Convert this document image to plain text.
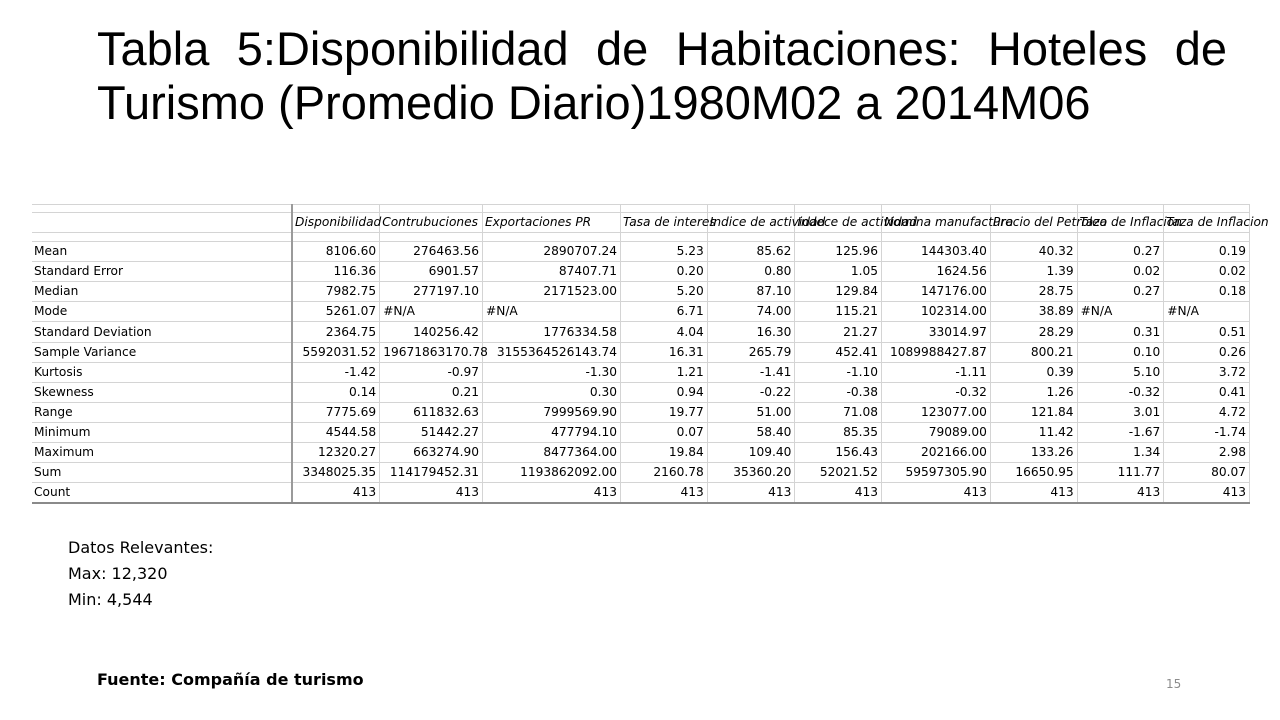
Tabla 5:Disponibilidad de Habitaciones: Hoteles de Turismo (Promedio Diario)1980M02 a 2014M06

	Disponibilidad	Contrubuciones	Exportaciones PR	Tasa de interes	Indice de actividad	Indece de actividad	Nomina manufactura	Precio del Petroleo	Taza de Inflacion	Taza de Inflacion

Mean	8106.60	276463.56	2890707.24	5.23	85.62	125.96	144303.40	40.32	0.27	0.19
Standard Error	116.36	6901.57	87407.71	0.20	0.80	1.05	1624.56	1.39	0.02	0.02
Median	7982.75	277197.10	2171523.00	5.20	87.10	129.84	147176.00	28.75	0.27	0.18
Mode	5261.07	#N/A	#N/A	6.71	74.00	115.21	102314.00	38.89	#N/A	#N/A
Standard Deviation	2364.75	140256.42	1776334.58	4.04	16.30	21.27	33014.97	28.29	0.31	0.51
Sample Variance	5592031.52	19671863170.78	3155364526143.74	16.31	265.79	452.41	1089988427.87	800.21	0.10	0.26
Kurtosis	-1.42	-0.97	-1.30	1.21	-1.41	-1.10	-1.11	0.39	5.10	3.72
Skewness	0.14	0.21	0.30	0.94	-0.22	-0.38	-0.32	1.26	-0.32	0.41
Range	7775.69	611832.63	7999569.90	19.77	51.00	71.08	123077.00	121.84	3.01	4.72
Minimum	4544.58	51442.27	477794.10	0.07	58.40	85.35	79089.00	11.42	-1.67	-1.74
Maximum	12320.27	663274.90	8477364.00	19.84	109.40	156.43	202166.00	133.26	1.34	2.98
Sum	3348025.35	114179452.31	1193862092.00	2160.78	35360.20	52021.52	59597305.90	16650.95	111.77	80.07
Count	413	413	413	413	413	413	413	413	413	413
Datos Relevantes:
Max: 12,320
Min: 4,544
Fuente: Compañía de turismo	15
